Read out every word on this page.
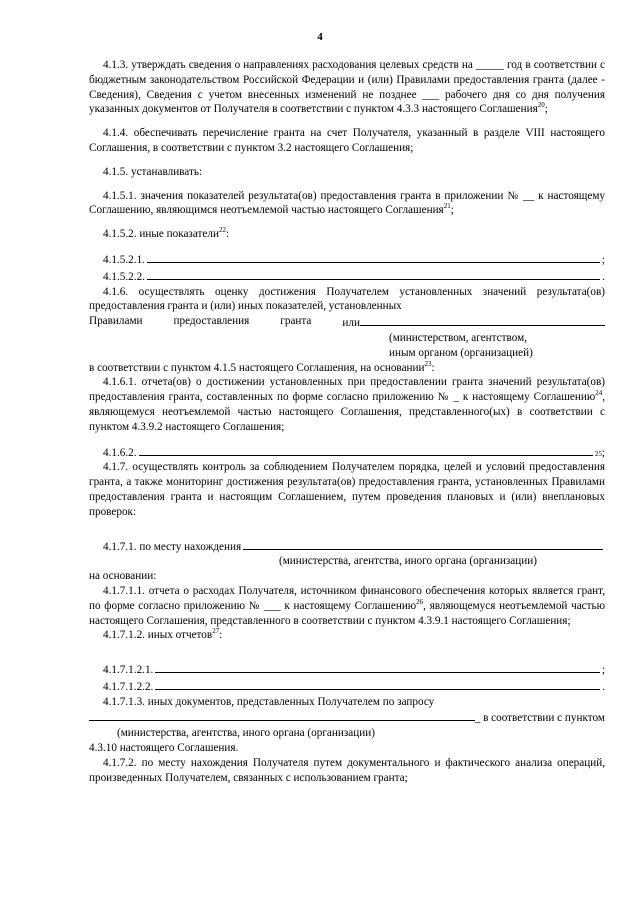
4
4.1.3. утверждать сведения о направлениях расходования целевых средств на _____ год в соответствии с бюджетным законодательством Российской Федерации и (или) Правилами предоставления гранта (далее - Сведения), Сведения с учетом внесенных изменений не позднее ___ рабочего дня со дня получения указанных документов от Получателя в соответствии с пунктом 4.3.3 настоящего Соглашения$^{20}$;
4.1.4. обеспечивать перечисление гранта на счет Получателя, указанный в разделе VIII настоящего Соглашения, в соответствии с пунктом 3.2 настоящего Соглашения;
4.1.5. устанавливать:
4.1.5.1. значения показателей результата(ов) предоставления гранта в приложении № __ к настоящему Соглашению, являющимся неотъемлемой частью настоящего Соглашения$^{21}$;
4.1.5.2. иные показатели$^{22}$:
4.1.5.2.1.	;
4.1.5.2.2.	.
4.1.6. осуществлять оценку достижения Получателем установленных значений результата(ов) предоставления гранта и (или) иных показателей, установленных
Правилами	предоставления	гранта	или
(министерством, агентством,
иным органом (организацией)
в соответствии с пунктом 4.1.5 настоящего Соглашения, на основании$^{23}$:
4.1.6.1. отчета(ов) о достижении установленных при предоставлении гранта значений результата(ов) предоставления гранта, составленных по форме согласно приложению № _ к настоящему Соглашению$^{24}$, являющемуся неотъемлемой частью настоящего Соглашения, представленного(ых) в соответствии с пунктом 4.3.9.2 настоящего Соглашения;
4.1.6.2.	25 ;
4.1.7. осуществлять контроль за соблюдением Получателем порядка, целей и условий предоставления гранта, а также мониторинг достижения результата(ов) предоставления гранта, установленных Правилами предоставления гранта и настоящим Соглашением, путем проведения плановых и (или) внеплановых проверок:
4.1.7.1. по месту нахождения
(министерства, агентства, иного органа (организации)
на основании:
4.1.7.1.1. отчета о расходах Получателя, источником финансового обеспечения которых является грант, по форме согласно приложению № ___ к настоящему Соглашению$^{26}$, являющемуся неотъемлемой частью настоящего Соглашения, представленного в соответствии с пунктом 4.3.9.1 настоящего Соглашения;
4.1.7.1.2. иных отчетов$^{27}$:
4.1.7.1.2.1.	;
4.1.7.1.2.2.	.
4.1.7.1.3. иных документов, представленных Получателем по запросу
_ в соответствии с пунктом
(министерства, агентства, иного органа (организации)
4.3.10 настоящего Соглашения.
4.1.7.2. по месту нахождения Получателя путем документального и фактического анализа операций, произведенных Получателем, связанных с использованием гранта;
